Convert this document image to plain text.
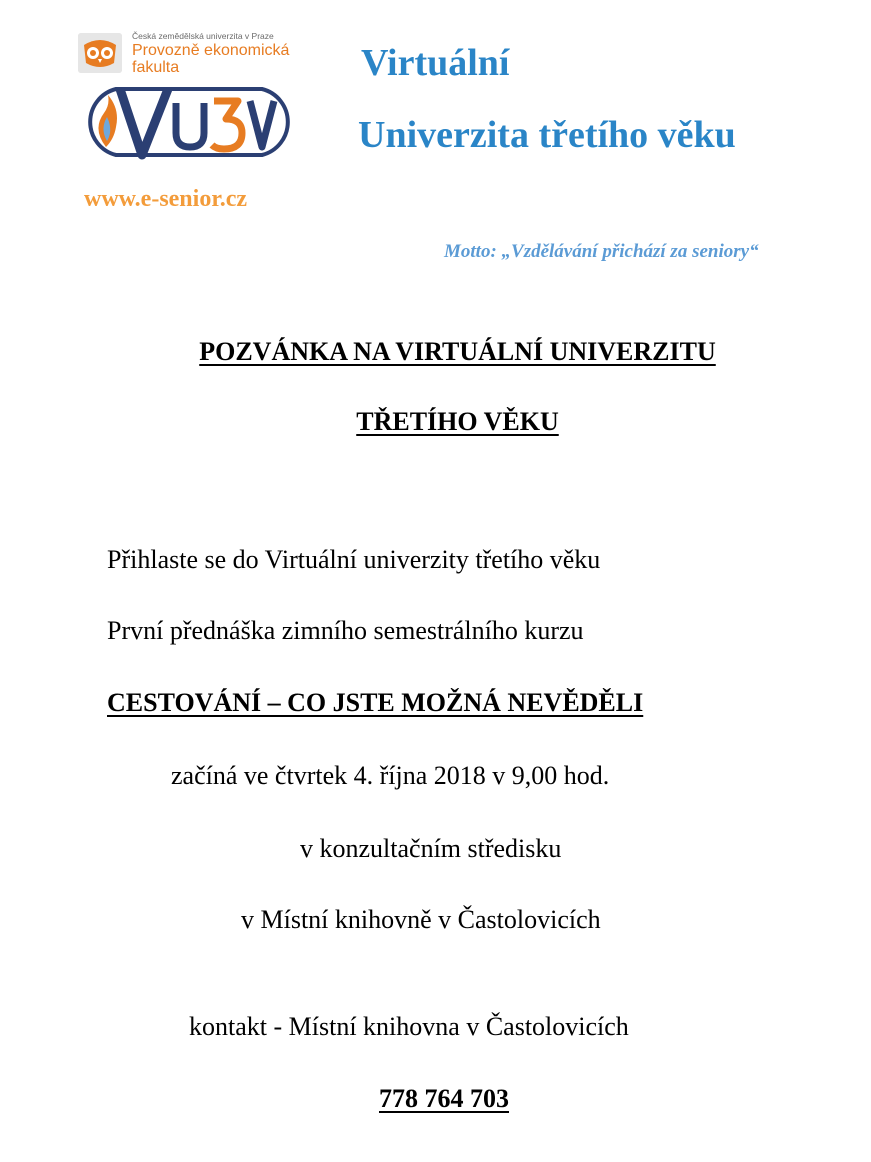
Česká zemědělská univerzita v Praze
Provozně ekonomická
fakulta
www.e-senior.cz
Virtuální
Univerzita třetího věku
Motto: „Vzdělávání přichází za seniory“
POZVÁNKA NA VIRTUÁLNÍ UNIVERZITU
TŘETÍHO VĚKU
Přihlaste se do Virtuální univerzity třetího věku
První přednáška zimního semestrálního kurzu
CESTOVÁNÍ – CO JSTE MOŽNÁ NEVĚDĚLI
začíná ve čtvrtek 4. října 2018 v 9,00 hod.
v konzultačním středisku
v Místní knihovně v Častolovicích
kontakt - Místní knihovna v Častolovicích
778 764 703
